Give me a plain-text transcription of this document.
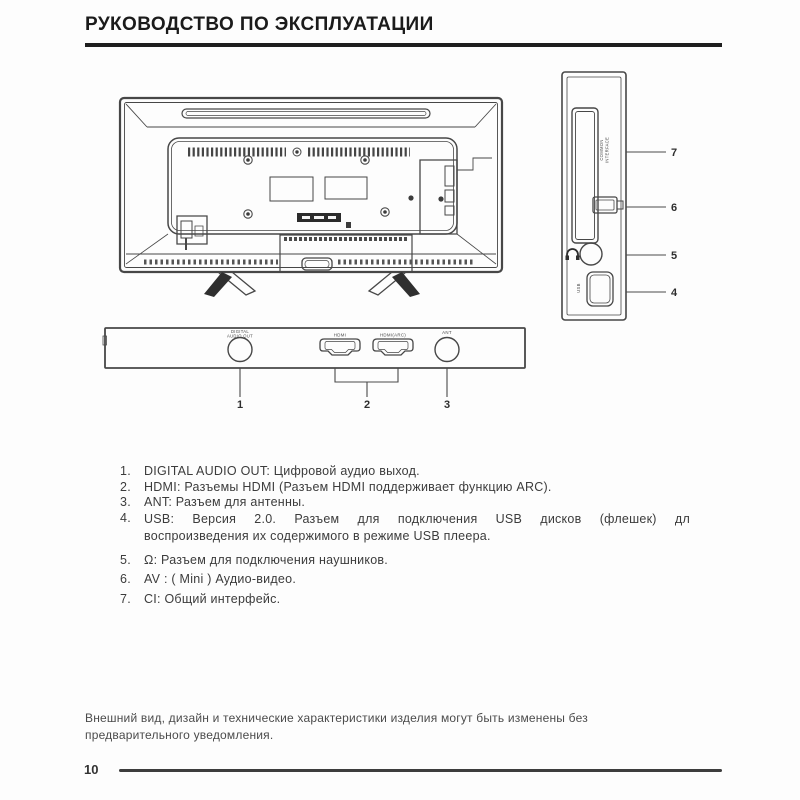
РУКОВОДСТВО ПО ЭКСПЛУАТАЦИИ
COMMON INTERFACE
USB
7
6
5
4
DIGITAL
AUDIO OUT	HDMI	HDMI(ARC)	ANT
1	2	3
1.	DIGITAL AUDIO OUT: Цифровой аудио выход.
2.	HDMI: Разъемы HDMI (Разъем HDMI поддерживает функцию ARC).
3.	ANT: Разъем для антенны.
4.	USB: Версия 2.0. Разъем для подключения USB дисков (флешек) дл
воспроизведения их содержимого в режиме USB плеера.
5.	Ω: Разъем для подключения наушников.
6.	AV : ( Mini ) Аудио-видео.
7.	CI: Общий интерфейс.
Внешний вид, дизайн и технические характеристики изделия могут быть изменены без
предварительного уведомления.
10
